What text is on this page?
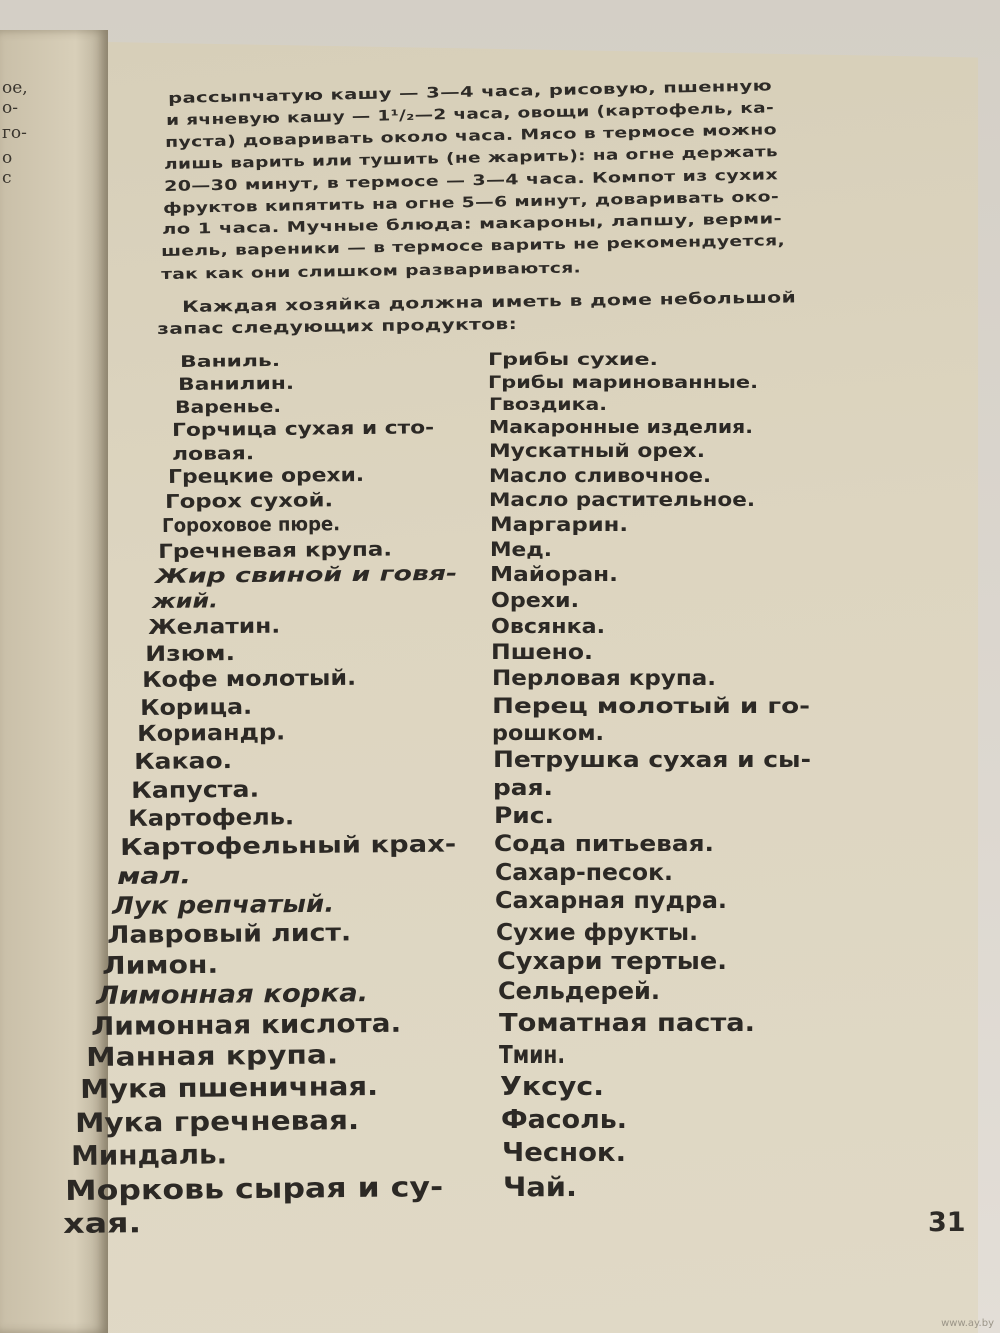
ое,
о-
го-
о
с
рассыпчатую кашу — 3—4 часа, рисовую, пшенную
и ячневую кашу — 1¹/₂—2 часа, овощи (картофель, ка-
пуста) доваривать около часа. Мясо в термосе можно
лишь варить или тушить (не жарить): на огне держать
20—30 минут, в термосе — 3—4 часа. Компот из сухих
фруктов кипятить на огне 5—6 минут, доваривать око-
ло 1 часа. Мучные блюда: макароны, лапшу, верми-
шель, вареники — в термосе варить не рекомендуется,
так как они слишком развариваются.
Каждая хозяйка должна иметь в доме небольшой
запас следующих продуктов:
Ваниль.
Ванилин.
Варенье.
Горчица сухая и сто-
ловая.
Грецкие орехи.
Горох сухой.
Гороховое пюре.
Гречневая крупа.
Жир свиной и говя-
жий.
Желатин.
Изюм.
Кофе молотый.
Корица.
Кориандр.
Какао.
Капуста.
Картофель.
Картофельный крах-
мал.
Лук репчатый.
Лавровый лист.
Лимон.
Лимонная корка.
Лимонная кислота.
Манная крупа.
Мука пшеничная.
Мука гречневая.
Миндаль.
Морковь сырая и су-
хая.
Грибы сухие.
Грибы маринованные.
Гвоздика.
Макаронные изделия.
Мускатный орех.
Масло сливочное.
Масло растительное.
Маргарин.
Мед.
Майоран.
Орехи.
Овсянка.
Пшено.
Перловая крупа.
Перец молотый и го-
рошком.
Петрушка сухая и сы-
рая.
Рис.
Сода питьевая.
Сахар-песок.
Сахарная пудра.
Сухие фрукты.
Сухари тертые.
Сельдерей.
Томатная паста.
Тмин.
Уксус.
Фасоль.
Чеснок.
Чай.
31
www.ay.by
